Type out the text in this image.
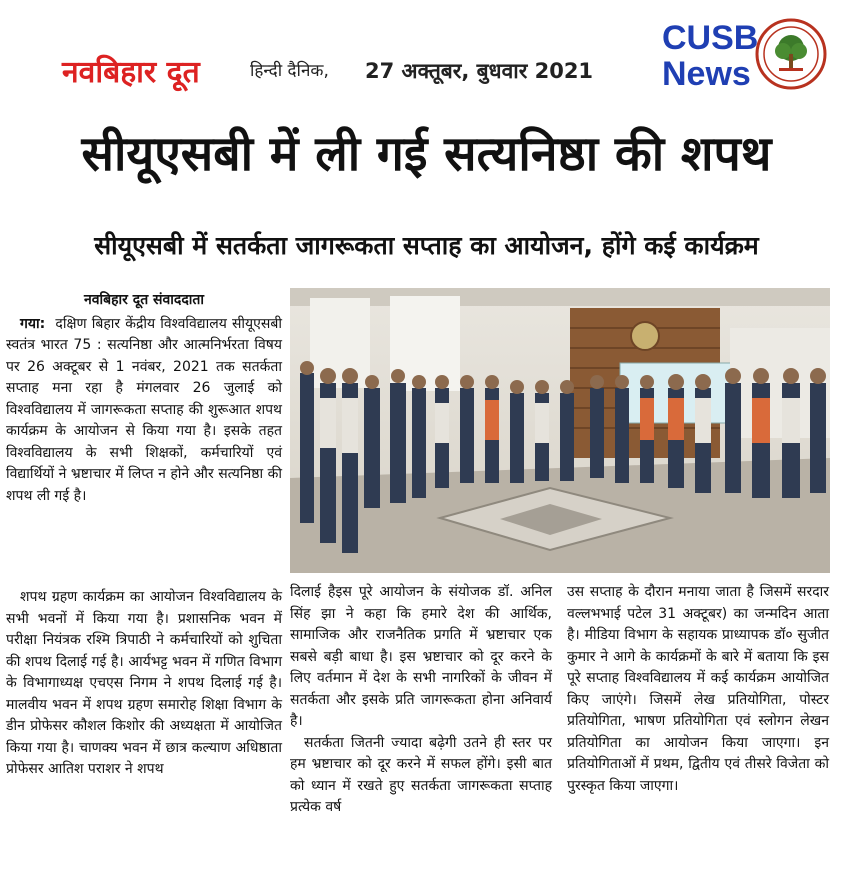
नवबिहार दूत	हिन्दी दैनिक, 27 अक्तूबर, बुधवार 2021
CUSB
News
सीयूएसबी में ली गई सत्यनिष्ठा की शपथ
सीयूएसबी में सतर्कता जागरूकता सप्ताह का आयोजन, होंगे कई कार्यक्रम
नवबिहार दूत संवाददाता

गया: दक्षिण बिहार केंद्रीय विश्वविद्यालय सीयूएसबी स्वतंत्र भारत 75 : सत्यनिष्ठा और आत्मनिर्भरता विषय पर 26 अक्टूबर से 1 नवंबर, 2021 तक सतर्कता सप्ताह मना रहा है मंगलवार 26 जुलाई को विश्वविद्यालय में जागरूकता सप्ताह की शुरूआत शपथ कार्यक्रम के आयोजन से किया गया है। इसके तहत विश्वविद्यालय के सभी शिक्षकों, कर्मचारियों एवं विद्यार्थियों ने भ्रष्टाचार में लिप्त न होने और सत्यनिष्ठा की शपथ ली गई है।

शपथ ग्रहण कार्यक्रम का आयोजन विश्वविद्यालय के सभी भवनों में किया गया है। प्रशासनिक भवन में परीक्षा नियंत्रक रश्मि त्रिपाठी ने कर्मचारियों को शुचिता की शपथ दिलाई गई है। आर्यभट्ट भवन में गणित विभाग के विभागाध्यक्ष एचएस निगम ने शपथ दिलाई गई है। मालवीय भवन में शपथ ग्रहण समारोह शिक्षा विभाग के डीन प्रोफेसर कौशल किशोर की अध्यक्षता में आयोजित किया गया है। चाणक्य भवन में छात्र कल्याण अधिष्ठाता प्रोफेसर आतिश पराशर ने शपथ

दिलाई हैइस पूरे आयोजन के संयोजक डॉ. अनिल सिंह झा ने कहा कि हमारे देश की आर्थिक, सामाजिक और राजनैतिक प्रगति में भ्रष्टाचार एक सबसे बड़ी बाधा है। इस भ्रष्टाचार को दूर करने के लिए वर्तमान में देश के सभी नागरिकों के जीवन में सतर्कता और इसके प्रति जागरूकता होना अनिवार्य है।

सतर्कता जितनी ज्यादा बढ़ेगी उतने ही स्तर पर हम भ्रष्टाचार को दूर करने में सफल होंगे। इसी बात को ध्यान में रखते हुए सतर्कता जागरूकता सप्ताह प्रत्येक वर्ष

उस सप्ताह के दौरान मनाया जाता है जिसमें सरदार वल्लभभाई पटेल 31 अक्टूबर) का जन्मदिन आता है। मीडिया विभाग के सहायक प्राध्यापक डॉ० सुजीत कुमार ने आगे के कार्यक्रमों के बारे में बताया कि इस पूरे सप्ताह विश्वविद्यालय में कई कार्यक्रम आयोजित किए जाएंगे। जिसमें लेख प्रतियोगिता, पोस्टर प्रतियोगिता, भाषण प्रतियोगिता एवं स्लोगन लेखन प्रतियोगिता का आयोजन किया जाएगा। इन प्रतियोगिताओं में प्रथम, द्वितीय एवं तीसरे विजेता को पुरस्कृत किया जाएगा।
